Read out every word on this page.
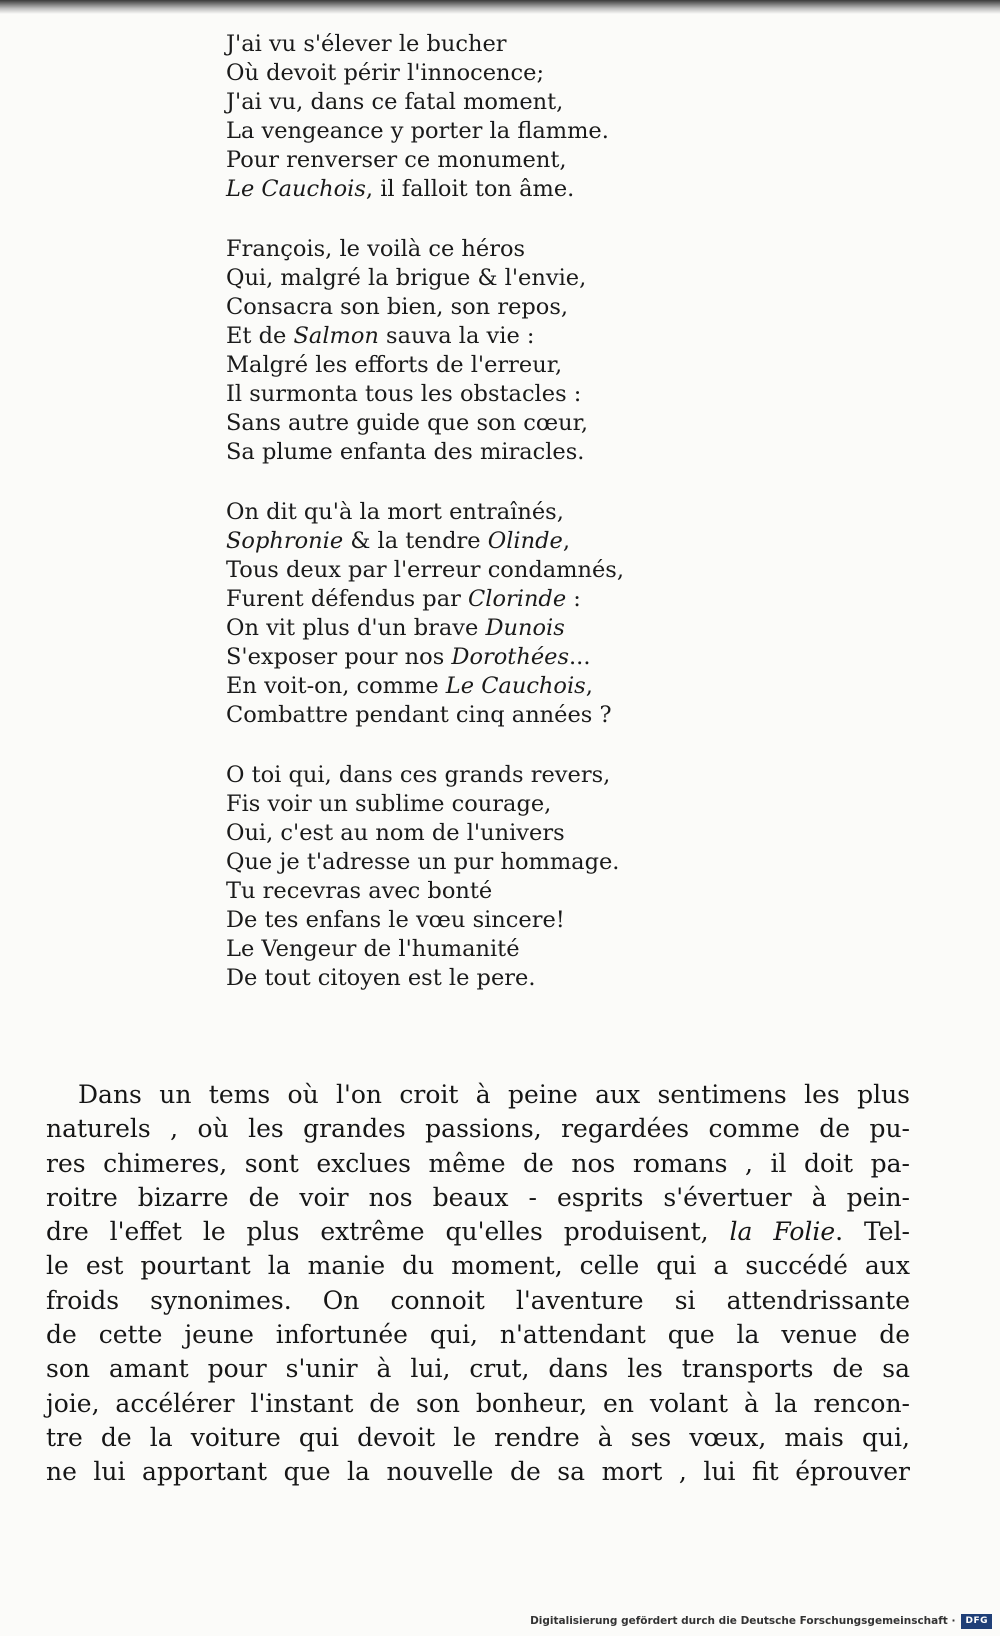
J'ai vu s'élever le bucher
Où devoit périr l'innocence;
J'ai vu, dans ce fatal moment,
La vengeance y porter la flamme.
Pour renverser ce monument,
Le Cauchois, il falloit ton âme.
François, le voilà ce héros
Qui, malgré la brigue & l'envie,
Consacra son bien, son repos,
Et de Salmon sauva la vie :
Malgré les efforts de l'erreur,
Il surmonta tous les obstacles :
Sans autre guide que son cœur,
Sa plume enfanta des miracles.
On dit qu'à la mort entraînés,
Sophronie & la tendre Olinde,
Tous deux par l'erreur condamnés,
Furent défendus par Clorinde :
On vit plus d'un brave Dunois
S'exposer pour nos Dorothées...
En voit-on, comme Le Cauchois,
Combattre pendant cinq années ?
O toi qui, dans ces grands revers,
Fis voir un sublime courage,
Oui, c'est au nom de l'univers
Que je t'adresse un pur hommage.
Tu recevras avec bonté
De tes enfans le vœu sincere!
Le Vengeur de l'humanité
De tout citoyen est le pere.
Dans un tems où l'on croit à peine aux sentimens les plus
naturels , où les grandes passions, regardées comme de pu-
res chimeres, sont exclues même de nos romans , il doit pa-
roitre bizarre de voir nos beaux - esprits s'évertuer à pein-
dre l'effet le plus extrême qu'elles produisent, la Folie. Tel-
le est pourtant la manie du moment, celle qui a succédé aux
froids synonimes. On connoit l'aventure si attendrissante
de cette jeune infortunée qui, n'attendant que la venue de
son amant pour s'unir à lui, crut, dans les transports de sa
joie, accélérer l'instant de son bonheur, en volant à la rencon-
tre de la voiture qui devoit le rendre à ses vœux, mais qui,
ne lui apportant que la nouvelle de sa mort , lui fit éprouver
Digitalisierung gefördert durch die Deutsche Forschungsgemeinschaft ·	DFG
